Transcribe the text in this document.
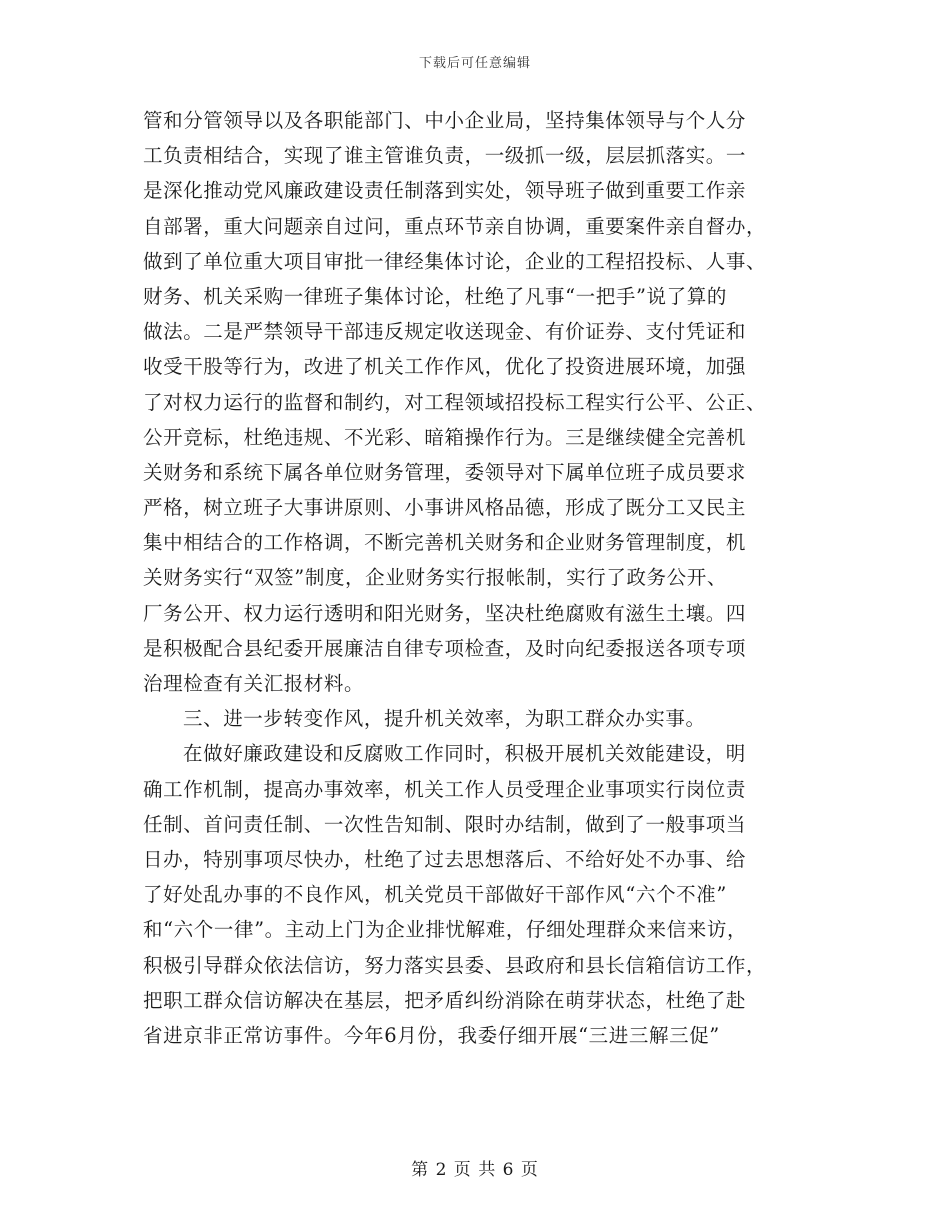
下载后可任意编辑
管和分管领导以及各职能部门、中小企业局，坚持集体领导与个人分
工负责相结合，实现了谁主管谁负责，一级抓一级，层层抓落实。一
是深化推动党风廉政建设责任制落到实处，领导班子做到重要工作亲
自部署，重大问题亲自过问，重点环节亲自协调，重要案件亲自督办，
做到了单位重大项目审批一律经集体讨论，企业的工程招投标、人事、
财务、机关采购一律班子集体讨论，杜绝了凡事“一把手”说了算的
做法。二是严禁领导干部违反规定收送现金、有价证券、支付凭证和
收受干股等行为，改进了机关工作作风，优化了投资进展环境，加强
了对权力运行的监督和制约，对工程领域招投标工程实行公平、公正、
公开竞标，杜绝违规、不光彩、暗箱操作行为。三是继续健全完善机
关财务和系统下属各单位财务管理，委领导对下属单位班子成员要求
严格，树立班子大事讲原则、小事讲风格品德，形成了既分工又民主
集中相结合的工作格调，不断完善机关财务和企业财务管理制度，机
关财务实行“双签”制度，企业财务实行报帐制，实行了政务公开、
厂务公开、权力运行透明和阳光财务，坚决杜绝腐败有滋生土壤。四
是积极配合县纪委开展廉洁自律专项检查，及时向纪委报送各项专项
治理检查有关汇报材料。
三、进一步转变作风，提升机关效率，为职工群众办实事。
在做好廉政建设和反腐败工作同时，积极开展机关效能建设，明
确工作机制，提高办事效率，机关工作人员受理企业事项实行岗位责
任制、首问责任制、一次性告知制、限时办结制，做到了一般事项当
日办，特别事项尽快办，杜绝了过去思想落后、不给好处不办事、给
了好处乱办事的不良作风，机关党员干部做好干部作风“六个不准”
和“六个一律”。主动上门为企业排忧解难，仔细处理群众来信来访，
积极引导群众依法信访，努力落实县委、县政府和县长信箱信访工作，
把职工群众信访解决在基层，把矛盾纠纷消除在萌芽状态，杜绝了赴
省进京非正常访事件。今年6月份，我委仔细开展“三进三解三促”
第 2 页 共 6 页
